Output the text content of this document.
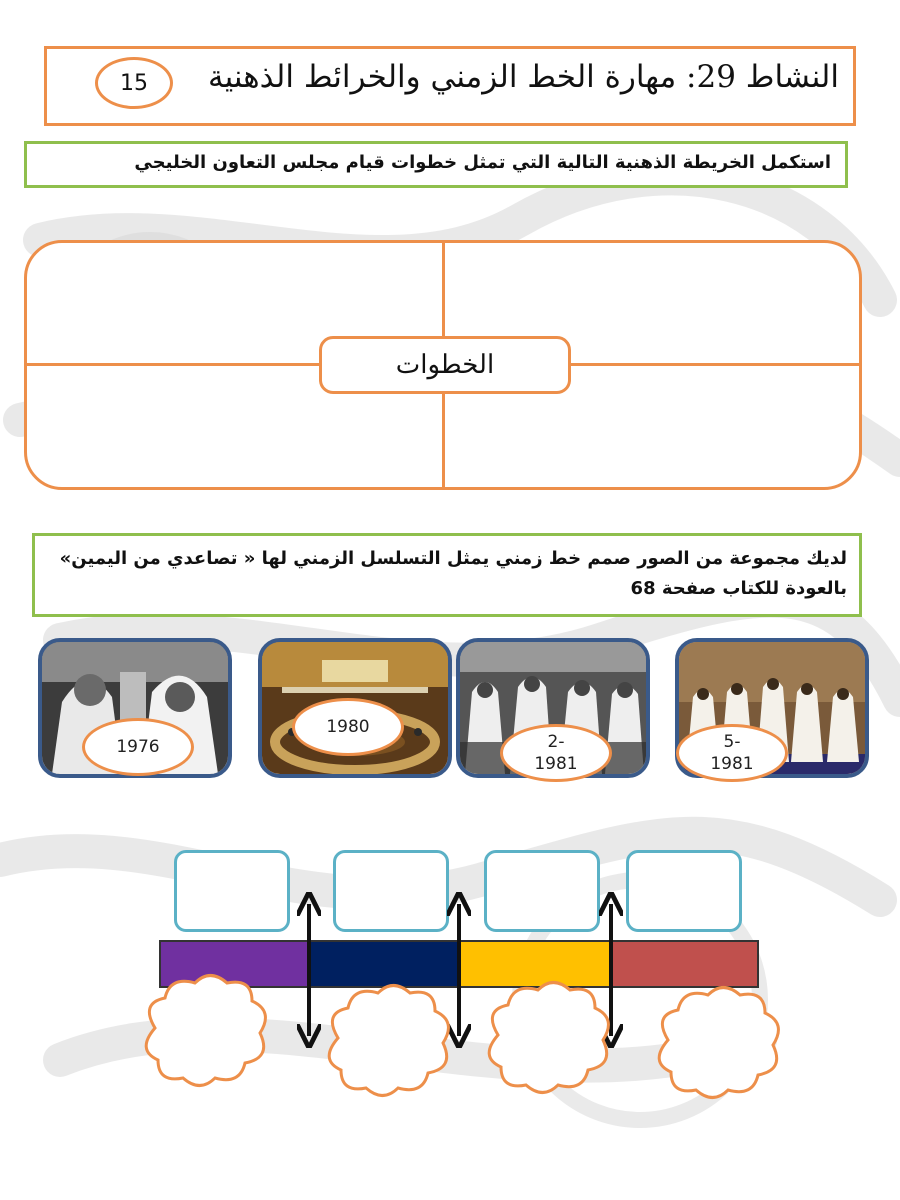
النشاط 29: مهارة الخط الزمني والخرائط الذهنية
15
استكمل الخريطة الذهنية التالية التي تمثل خطوات قيام مجلس التعاون الخليجي
الخطوات
لديك مجموعة من الصور صمم خط زمني يمثل التسلسل الزمني لها « تصاعدي من اليمين» بالعودة للكتاب صفحة 68
1976
1980
2-
1981
5-
1981
